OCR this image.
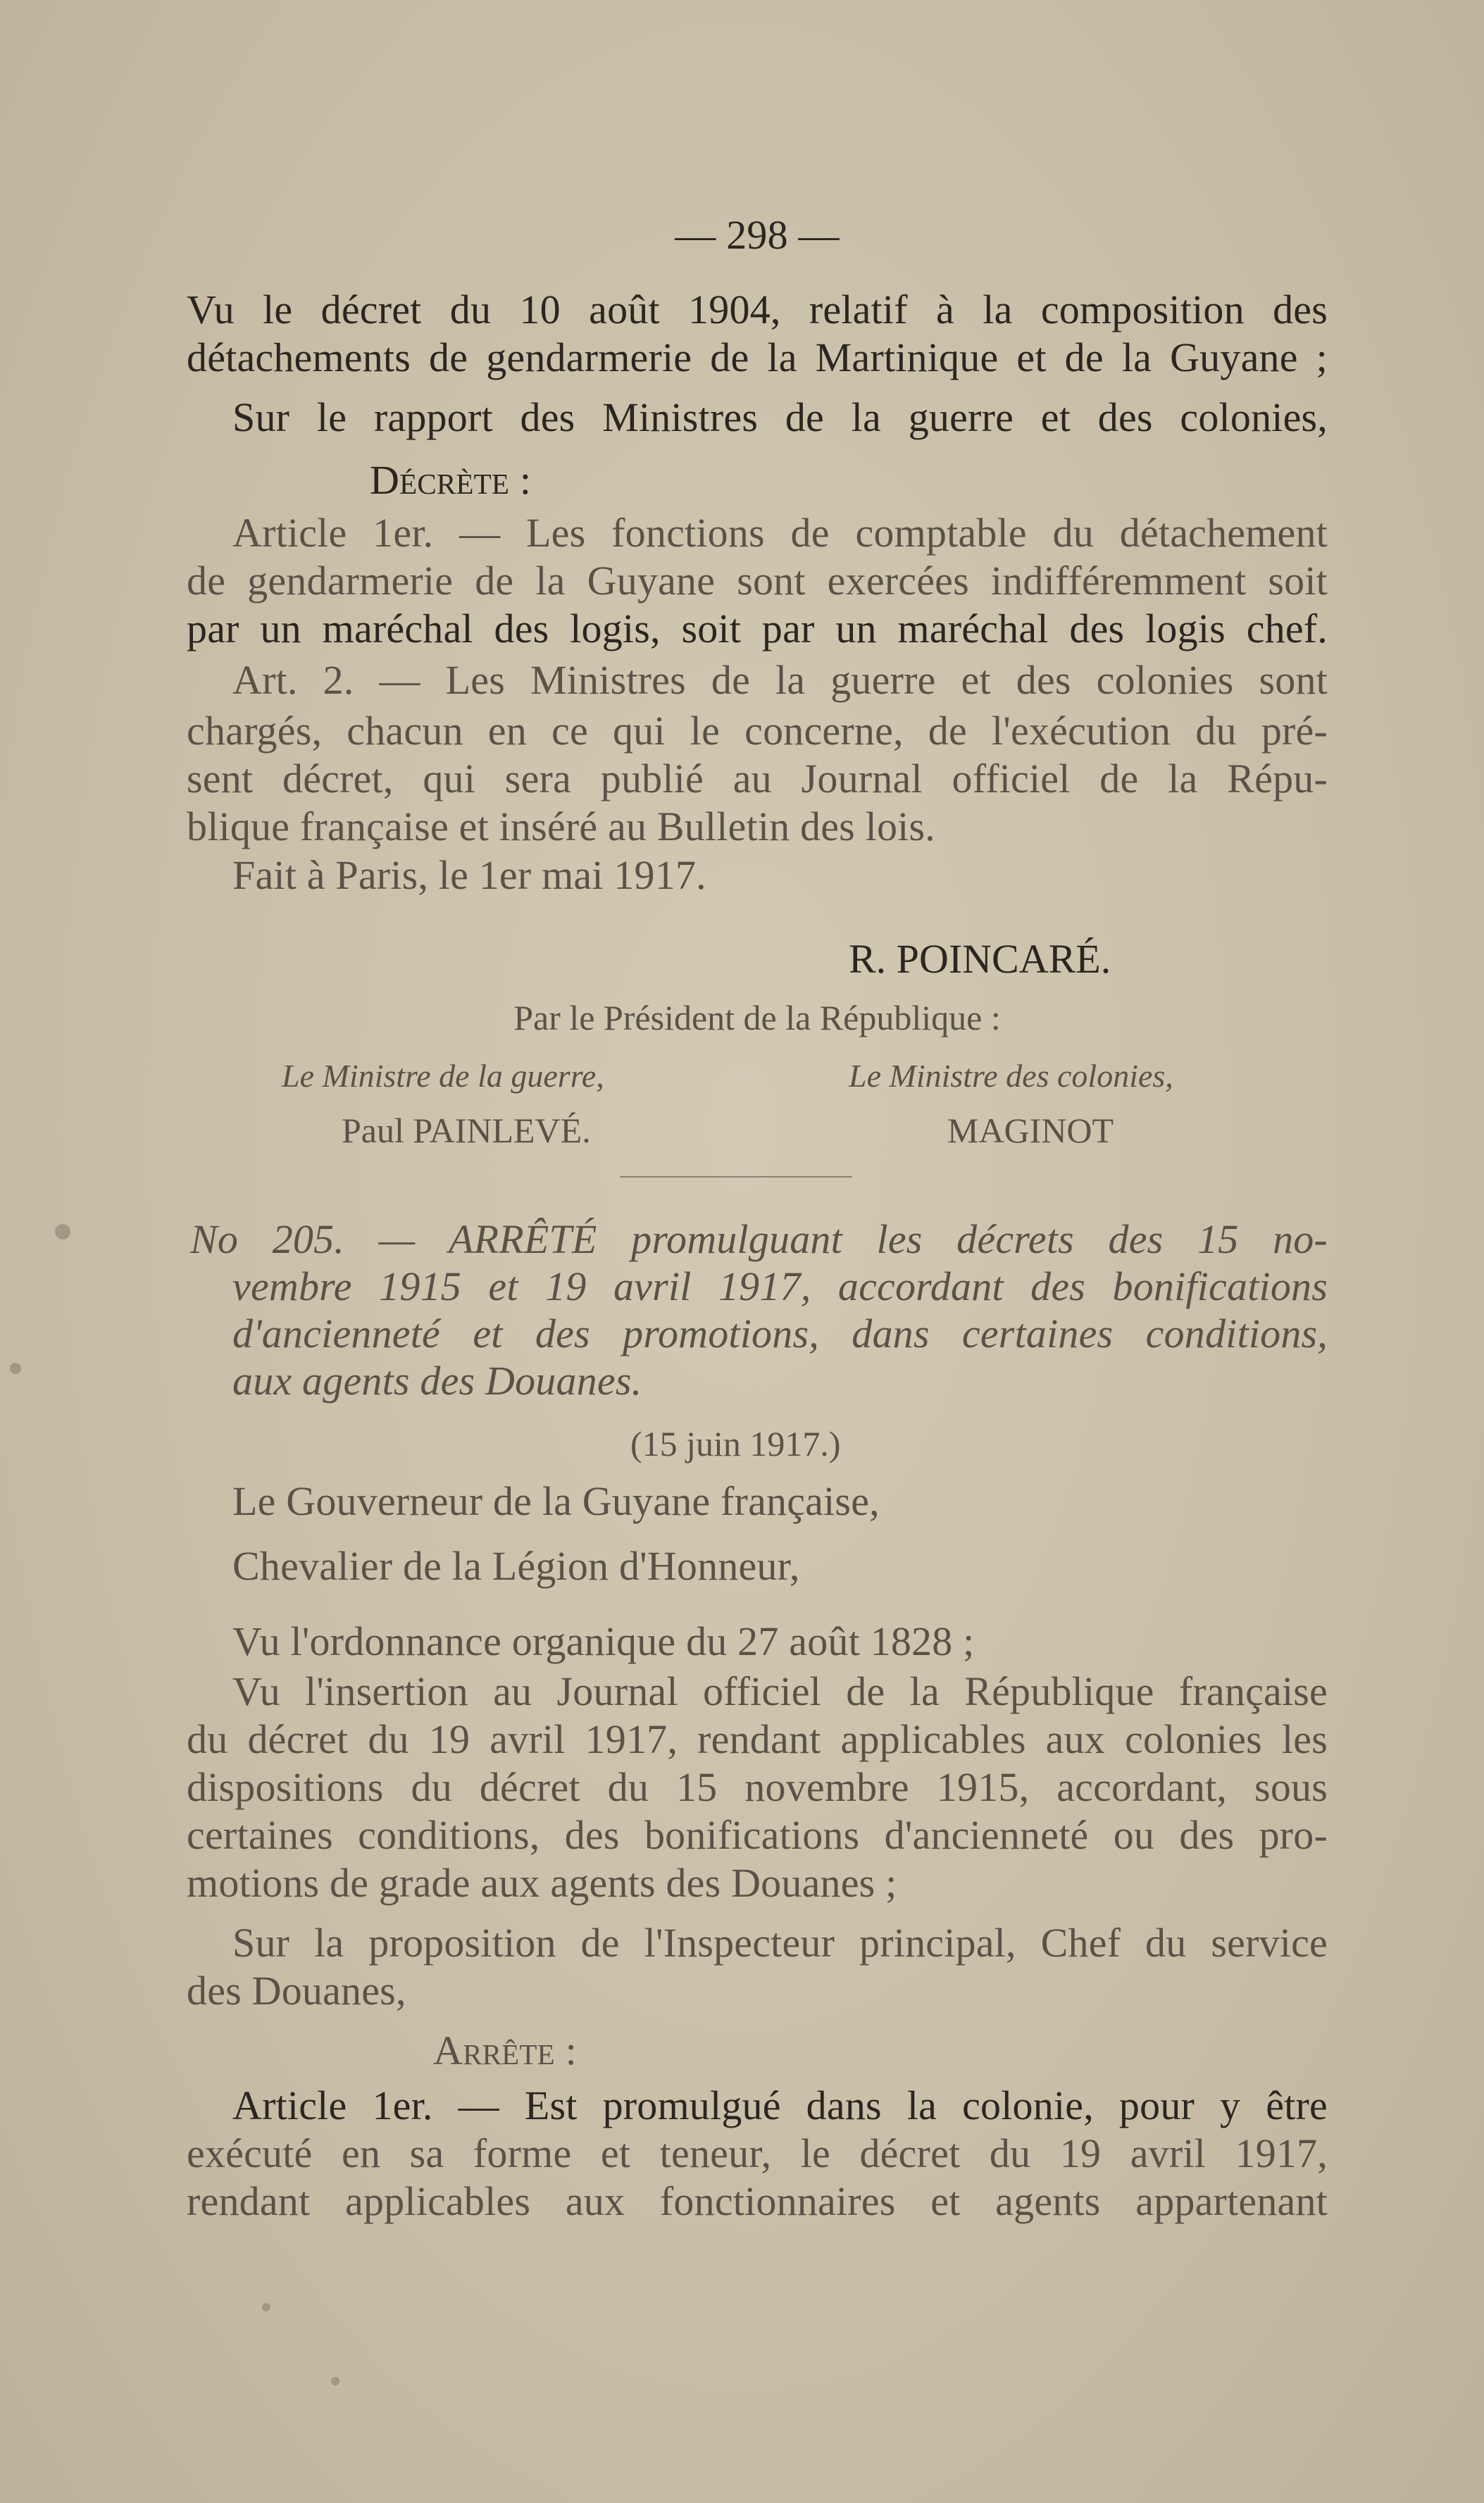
— 298 —
Vu le décret du 10 août 1904, relatif à la composition des
détachements de gendarmerie de la Martinique et de la Guyane ;
Sur le rapport des Ministres de la guerre et des colonies,
Décrète :
Article 1er. — Les fonctions de comptable du détachement
de gendarmerie de la Guyane sont exercées indifféremment soit
par un maréchal des logis, soit par un maréchal des logis chef.
Art. 2. — Les Ministres de la guerre et des colonies sont
chargés, chacun en ce qui le concerne, de l'exécution du pré-
sent décret, qui sera publié au Journal officiel de la Répu-
blique française et inséré au Bulletin des lois.
Fait à Paris, le 1er mai 1917.
R. POINCARÉ.
Par le Président de la République :
Le Ministre de la guerre,
Paul PAINLEVÉ.
Le Ministre des colonies,
MAGINOT
No 205. — ARRÊTÉ promulguant les décrets des 15 no-
vembre 1915 et 19 avril 1917, accordant des bonifications
d'ancienneté et des promotions, dans certaines conditions,
aux agents des Douanes.
(15 juin 1917.)
Le Gouverneur de la Guyane française,
Chevalier de la Légion d'Honneur,
Vu l'ordonnance organique du 27 août 1828 ;
Vu l'insertion au Journal officiel de la République française
du décret du 19 avril 1917, rendant applicables aux colonies les
dispositions du décret du 15 novembre 1915, accordant, sous
certaines conditions, des bonifications d'ancienneté ou des pro-
motions de grade aux agents des Douanes ;
Sur la proposition de l'Inspecteur principal, Chef du service
des Douanes,
Arrête :
Article 1er. — Est promulgué dans la colonie, pour y être
exécuté en sa forme et teneur, le décret du 19 avril 1917,
rendant applicables aux fonctionnaires et agents appartenant
